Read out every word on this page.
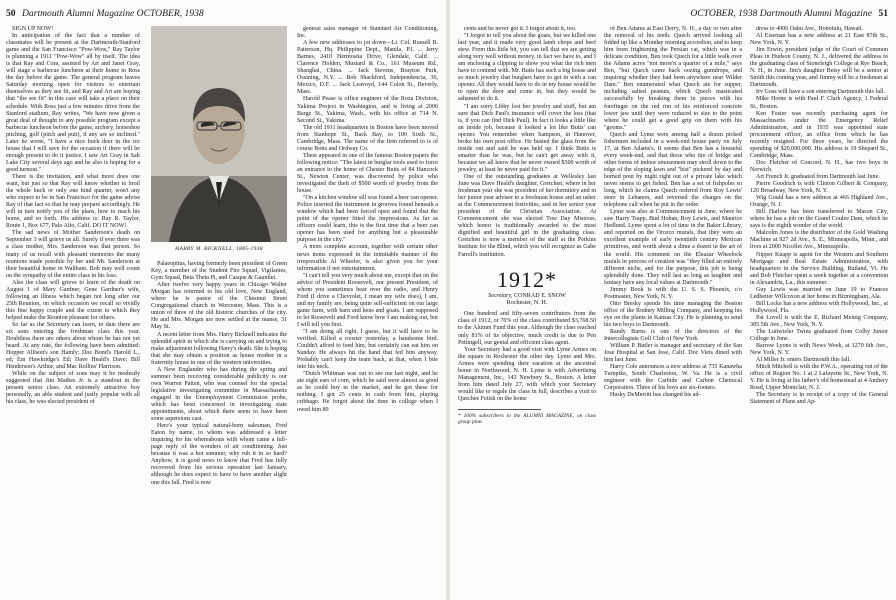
50 Dartmouth Alumni Magazine OCTOBER, 1938

SIGN UP NOW!

In anticipation of the fact that a number of classmates will be present at the Dartmouth-Stanford game and the San Francisco "Pow-Wow," Ray Taylor is planning a 1911 "Pow-Wow" all by itself. The idea is that Ray and Cora, assisted by Art and Janet Gray, will stage a barbecue luncheon at their home in Ross the day before the game. The general program leaves Saturday morning open for visitors to entertain themselves as they see fit, and Ray and Art are hoping that "the see fit" in this case will take a place on their schedule. With Ross just a few minutes drive from the Stanford stadium, Ray writes, "We have now given a great deal of thought to any possible program except a barbecue luncheon before the game, archery, horseshoe pitching, golf (pitch and putt), if any are so inclined." Later he wrote, "I have a nice buck deer in the ice house that I will save for the occasion if there will be enough present to do it justice. I saw Art Gray in Salt Lake City several days ago and he also is hoping for a good turnout."

There is the invitation, and what more does one want, but just so that Ray will know whether to broil the whole buck or only one hind quarter, won't any who expect to be in San Francisco for the game advise Ray of that fact so that he may prepare accordingly. He will in turn notify you of the plans, how to reach his home, and so forth. His address is: Ray R. Taylor, Route 1, Box 677, Palo Alto, Calif. DO IT NOW!

The sad news of Mother Sanderson's death on September 3 will grieve us all. Surely if ever there was a class mother, Mrs. Sanderson was that person. So many of us recall with pleasant memories the many reunions made possible by her and Mr. Sanderson at their beautiful home in Waltham. Bob may well count on the sympathy of the entire class in his loss.

Also the class will grieve to learn of the death on August 1 of Mary Gardner, Gene Gardner's wife, following an illness which began not long after our 25th Reunion, on which occasion we recall so vividly this fine happy couple and the extent to which they helped make the Reunion pleasant for others.

So far as the Secretary can learn, to date there are six sons entering the freshman class this year. Doubtless there are others about whom he has not yet heard. At any rate, the following have been admitted: Hopper Allison's son Hamly; Doc Bond's Harold L., ed; Em Hawkridge's Ed; Dave Heald's Dave; Bill Henderson's Arthur; and Mac Rollins' Harrison.

While on the subject of sons may it be modestly suggested that Jim Mathes Jr. is a standout in the present senior class. An extremely attractive boy personally, an able student and justly popular with all his class, he was elected president of

HARRY M. BICKNELL, 1885-1938

Palaeopitus, having formerly been president of Green Key, a member of the Student Fire Squad, Vigilantes, Gym Squad, Beta Theta Pi, and Casque & Gauntlet.

After twelve very happy years in Chicago Walter Morgan has returned to his old love, New England, where he is pastor of the Chestnut Street Congregational church in Worcester, Mass. This is a union of three of the old historic churches of the city. He and Mrs. Morgan are now settled at the manse, 31 May St.

A recent letter from Mrs. Harry Bicknell indicates the splendid spirit in which she is carrying on and trying to make adjustment following Harry's death. She is hoping that she may obtain a position as house mother in a fraternity house in one of the western universities.

A New Englander who has during the spring and summer been receiving considerable publicity is our own Warren Patten, who was counsel for the special legislative investigating committee in Massachusetts engaged in the Unemployment Commission probe, which has been concerned in investigating state appointments, about which there seem to have been some aspersions cast.

Here's your typical natural-born salesman, Fred Eaton by name, to whom was addressed a letter inquiring for his whereabouts with whom came a full-page reply of the wonders of air conditioning. Just because it was a hot summer, why rub it in so hard? Anyhow, it is good news to know that Fred has fully recovered from his serious operation last January, although he does expect to have to have another slight one this fall. Fred is now

general sales manager of Standard Air Conditioning, Inc.

A few new addresses to jot down—Lt. Col. Russell B. Patterson, Hq. Philippine Dept., Manila, P.I. ... Jerry Barnes, 2410 Hermosita Drive, Glendale, Calif. ... Clarence Holden, Mustard & Co., 161 Museum Rd., Shanghai, China. ... Jack Stevens, Brayton Park, Ossining, N.Y. ... Bob Shackford, Independencia, 30, Mexico, D.F. ... Jack Leavoyd, 144 Colon St., Beverly, Mass.

Harold Pease is office engineer of the Roza Division, Yakima Project in Washington, and is living at 2006 Barge St., Yakima, Wash., with his office at 714 N. Second St., Yakima.

The old 1911 headquarters in Boston have been moved from Stanhope St., Back Bay, to 100 Sixth St., Cambridge, Mass. The name of the firm referred to is of course Botts and Ordway Co.

There appeared in one of the famous Boston papers the following notice: "The latest in burglar tools used to force an entrance to the home of Chester Butts of 84 Hancock St., Newton Center, was discovered by police who investigated the theft of $500 worth of jewelry from the house.

"On a kitchen window sill was found a beer can opener. Police inserted the instrument in grooves found beneath a window which had been forced open and found that the point of the opener fitted the impressions. As far as officers could learn, this is the first time that a beer can opener has been used for anything but a pleasurable purpose in the city."

A more complete account, together with certain other news items expressed in the inimitable manner of the irrepressible Al Wheeler, is also given you for your information if not entertainment.

"I can't tell you very much about me, except that on the advice of President Roosevelt, our present President, of whom you sometimes hear over the radio, and Henry Ford (I drive a Chevrolet, I mean my wife does), I am, and my family are, being quite self-sufficient on our large game farm, with barn and hens and goats. I am supposed to let Roosevelt and Ford know how I am making out, but I will tell you first.

"I am doing all right, I guess, but it will have to be verified. Killed a rooster yesterday, a handsome bird. Couldn't afford to feed him, but certainly can eat him on Sunday. He always hit the hand that fed him anyway. Probably can't keep the team back, at that, when I bite into his neck.

"Dutch Whitman was out to see me last night, and he ate eight ears of corn, which he said were almost as good as he could buy in the market, and he got these for nothing. I got 25 cents in cash from him, playing cribbage. He forgot about the time in college when I owed him 80

OCTOBER, 1938 Dartmouth Alumni Magazine 51

cents and he never got it. I forgot about it, too.

"I forgot to tell you about the goats, but we killed one last year, and it made very good lamb chops and beef stew. From this little bit, you can tell that we are getting along very well without money, in fact we have to, and I am enclosing a clipping to show you what the rich men have to contend with. Mr. Butts has such a big house and so much jewelry that burglars have to get in with a can opener. All they would have to do in my house would be to open the door and come in, but they would be ashamed to do it.

"I am sorry Libby lost her jewelry and stuff, but am sure that Dick Paul's insurance will cover the loss (that is, if you can find Dick Paul). In fact it looks a little like an inside job, because it looked a lot like Butts' can opener. You remember when Sampson, in Hanover, broke his own post office. He busted the glass from the inside out and said he was held up. I think Butts is smarter than he was, but he can't get away with it, because we all know that he never owned $500 worth of jewelry, at least he never paid for it."

One of the outstanding graduates at Wellesley last June was Dave Heald's daughter, Gretchen, where in her freshman year she was president of her dormitory and in her junior year adviser to a freshman house and an usher at the Commencement festivities, and in her senior year president of the Christian Association. At Commencement she was elected Tree Day Mistress, which honor is traditionally awarded to the most dignified and beautiful girl in the graduating class. Gretchen is now a member of the staff at the Perkins Institute for the Blind, which you will recognize as Gabe Farrell's institution.

1912*
Secretary, CONRAD E. SNOW
Rochester, N. H.

One hundred and fifty-seven contributors from the class of 1912, or 76% of the class contributed $3,768.50 to the Alumni Fund this year. Although the class reached only 81% of its objective, much credit is due to Pen Pettingell, our genial and efficient class agent.

Your Secretary had a good visit with Lyme Armes on the square in Rochester the other day. Lyme and Mrs. Armes were spending their vacation at the ancestral home in Northwood, N. H. Lyme is with Advertising Management, Inc., 143 Newbury St., Boston. A letter from him dated July 27, with which your Secretary would like to regale the class in full, describes a visit to Quechee Fetish on the home

* 100% subscribers to the ALUMNI MAGAZINE, on class group plan.

of Ben Adams at East Derry, N. H., a day or two after the removal of his teeth. Quech arrived looking all fidded up like a Monday morning accordion, and to keep him from frightening the Persian cat, which was in a delicate condition, Ben took Quech for a little walk over the Adams acres "not more'n a quarter of a mile," says Ben, "but Quech came back oozing gumdrops, and inquiring whether they had been anywhere near Wilder Dam." Ben enumerated what Quech ate for supper, including salted peanuts, which Quech masticated successfully by breaking them in pieces with his forefinger on the red rim of his reinforced concrete lower jaw until they were reduced to size to the point where he could get a good grip on them with his "gooms."

Quech and Lyme were among half a dozen picked fishermen included in a week-end house party on July 17, at Ben Adams's. It seems that Ben has a houseful every week-end, and that those who tire of bridge and other forms of indoor amusement may stroll down to the edge of the sloping lawn and "hist" pickerel by day and horned pout by night right out of a private lake which never seems to get fished. Ben has a set of fishpoles so long, which he claims Quech ordered from Roy Lewis' store in Lebanon, and reversed the charges on the telephone call when he put in the order.

Lyme was also at Commencement in June, where he saw Harry Trapp, Bud Hoban, Roy Lewis, and Maurice Hedlund. Lyme spent a lot of time in the Baker Library, and reported on the Orozco murals, that they were an excellent example of early twentieth century Mexican primitives, and worth about a dime a dozen in the art of the world. His comment on the Eleazar Wheelock murals in process of creation was "they filled an entirely different niche, and for the purpose, this job is being splendidly done. They will last as long as laughter and fantasy have any local values at Dartmouth."

Jimmy Book is with the U. S. S. Phoenix, c/o Postmaster, New York, N. Y.

Otto Bresky spends his time managing the Boston office of the Rodney Milling Company, and keeping his eye on the plants in Kansas City. He is planning to send his two boys to Dartmouth.

Randy Burns is one of the directors of the Intercollegiate Golf Club of New York.

William P. Butler is manager and secretary of the San Jose Hospital at San Jose, Calif. Doc Viets dined with him last June.

Harry Cole announces a new address at 735 Kanawha Turnpike, South Charleston, W. Va. He is a civil engineer with the Carbide and Carbon Chemical Corporation. Three of his boys are six-footers.

Husky DeMerritt has changed his ad-

dress to 4906 Oahu Ave., Honolulu, Hawaii.

Al Eiseman has a new address at 21 East 87th St., New York, N. Y.

Jim Erwin, president judge of the Court of Common Pleas in Hudson County, N. J., delivered the address to the graduating class of Stoneleigh College at Rye Beach, N. H., in June. Jim's daughter Betsy will be a senior at Smith this coming year, and Jimmy will be a freshman at Dartmouth.

Irv Goss will have a son entering Dartmouth this fall.

Mike Horne is with Paul F. Clark Agency, 1 Federal St., Boston.

Ken Foster was recently purchasing agent for Massachusetts under the Emergency Relief Administration, and in 1935 was appointed state procurement officer, an office from which he has recently resigned. For three years, he directed the spending of $20,000,000. His address is 19 Shepard St., Cambridge, Mass.

Doc Fletcher of Concord, N. H., has two boys in Norwich.

Art French Jr. graduated from Dartmouth last June.

Pierre Goodrich is with Clinton Gilbert & Company, 120 Broadway, New York, N. Y.

Wig Gould has a new address at 466 Highland Ave., Orange, N. J.

Bill Harlow has been transferred to Mason City, where he has a job on the Grand Coulee Dam, which he says is the eighth wonder of the world.

Malcolm Jones is the distributor of the Gold Washing Machine at 927 2d Ave., S. E., Minneapolis, Minn., and lives at 2000 Nicollet Ave., Minneapolis.

Nipper Knapp is agent for the Western and Southern Mortgage and Real Estate Administration, with headquarters in the Service Building, Rutland, Vt. He and Bob Fletcher spent a week together at a convention in Alexandria, La., this summer.

Guy Lewis was married on June 19 to Frances Ledbetter Willcoxon at her home in Birmingham, Ala.

Bill Locke has a new address with Hollywood, Inc., at Hollywood, Fla.

Pat Lovell is with the E. Richard Meinig Company, 385 5th Ave., New York, N. Y.

The Luitwieler Twins graduated from Colby Junior College in June.

Barrow Lyons is with News Week, at 1270 6th Ave., New York, N. Y.

Al Miller Jr. enters Dartmouth this fall.

Mitch Mitchell is with the P.W.A., operating out of the office of Region No. 1 at 2 Lafayette St., New York, N. Y. He is living at his father's old homestead at 4 Amhery Road, Upper Montclair, N. J.

The Secretary is in receipt of a copy of the General Statement of Plans and Ap-
